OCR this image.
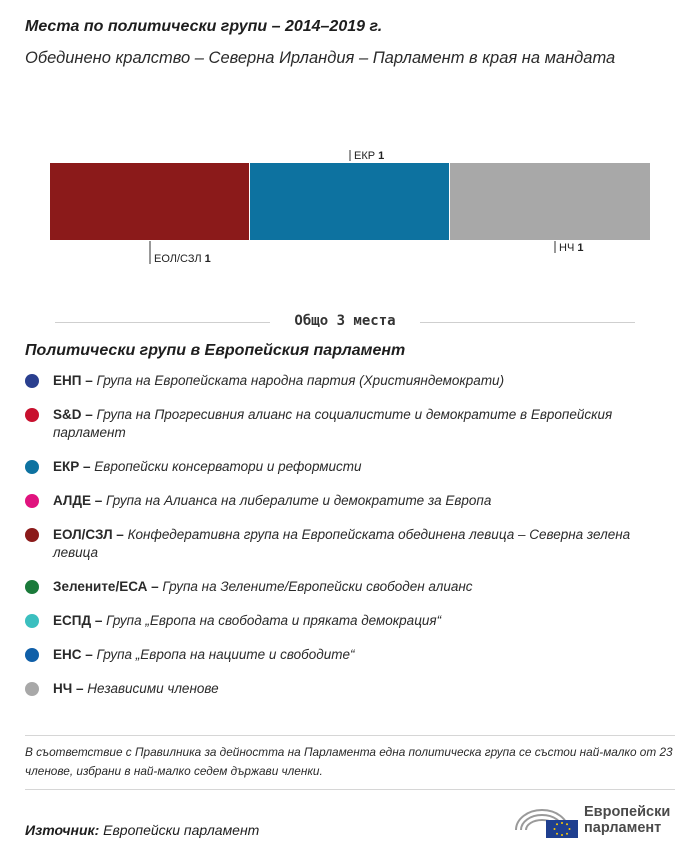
Места по политически групи – 2014–2019 г.
Обединено кралство – Северна Ирландия – Парламент в края на мандата
ЕОЛ/СЗЛ 1
ЕКР 1
НЧ 1
Общо 3 места
Политически групи в Европейския парламент
ЕНП – Група на Европейската народна партия (Християндемократи)
S&D – Група на Прогресивния алианс на социалистите и демократите в Европейския парламент
ЕКР – Европейски консерватори и реформисти
АЛДЕ – Група на Алианса на либералите и демократите за Европа
ЕОЛ/СЗЛ – Конфедеративна група на Европейската обединена левица – Северна зелена левица
Зелените/ЕСА – Група на Зелените/Европейски свободен алианс
ЕСПД – Група „Европа на свободата и пряката демокрация“
ЕНС – Група „Европа на нациите и свободите“
НЧ – Независими членове
В съответствие с Правилника за дейността на Парламента една политическа група се състои най-малко от 23 членове, избрани в най-малко седем държави членки.
Източник: Европейски парламент
Европейски
парламент
